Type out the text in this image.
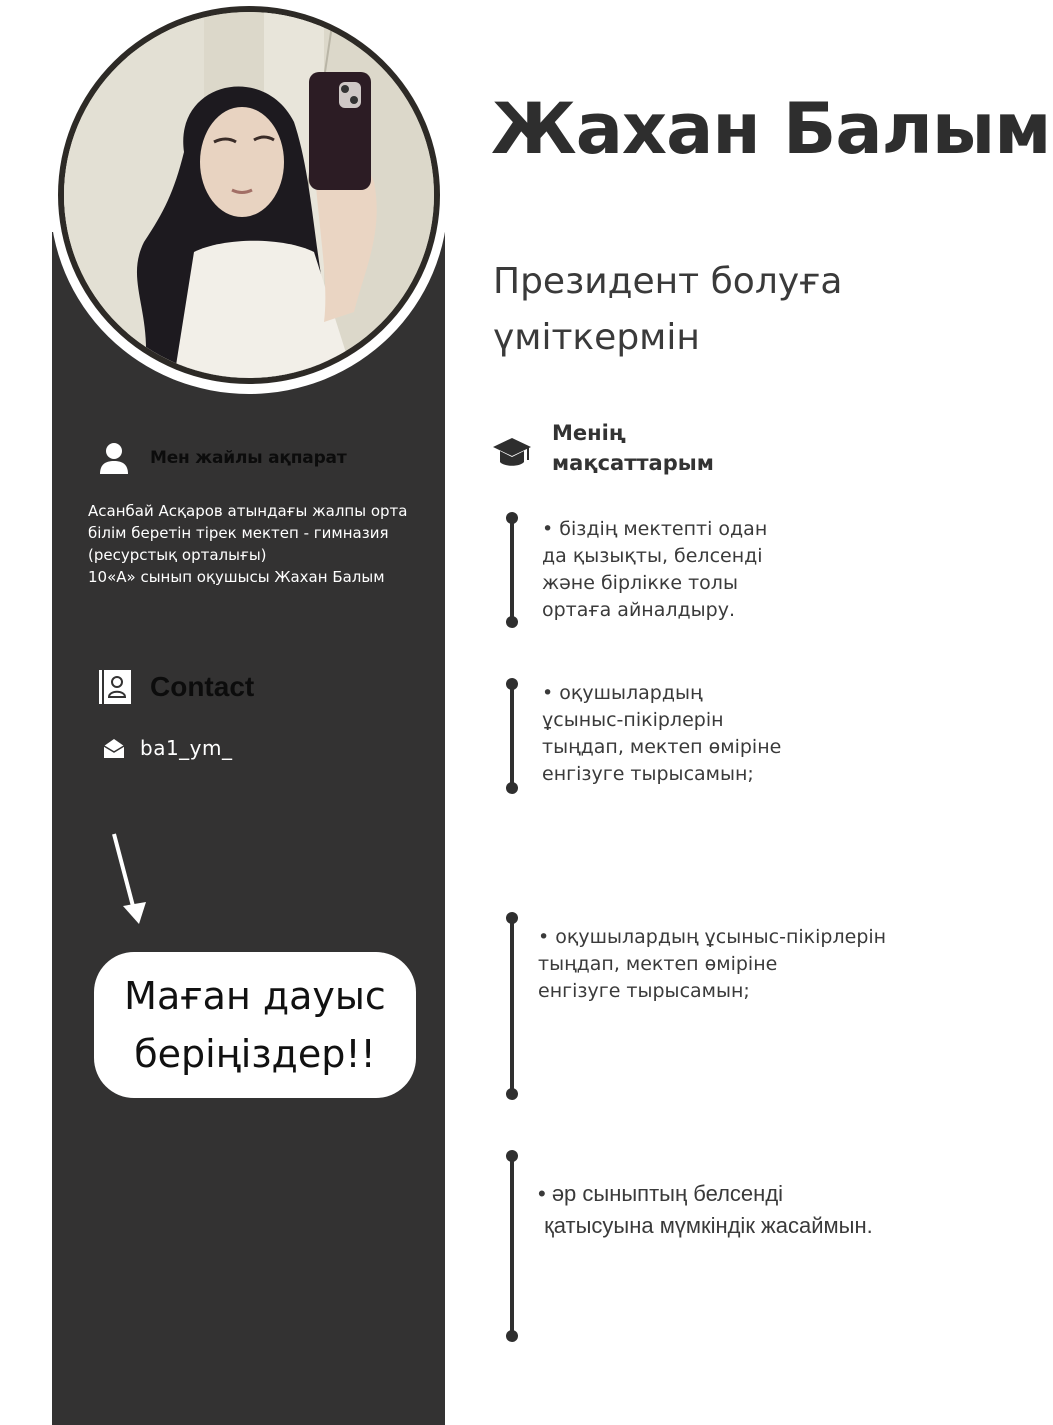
Мен жайлы ақпарат
Асанбай Асқаров атындағы жалпы орта
білім беретін тірек мектеп - гимназия
(ресурстық орталығы)
10«А» сынып оқушысы Жахан Балым
Contact
ba1_ym_
Маған дауыс
беріңіздер!!
Жахан Балым
Президент болуға
үміткермін
Менің
мақсаттарым
• біздің мектепті одан
да қызықты, белсенді
және бірлікке толы
ортаға айналдыру.
• оқушылардың
ұсыныс-пікірлерін
тыңдап, мектеп өміріне
енгізуге тырысамын;
• оқушылардың ұсыныс-пікірлерін
тыңдап, мектеп өміріне
енгізуге тырысамын;
• әр сыныптың белсенді
қатысуына мүмкіндік жасаймын.
